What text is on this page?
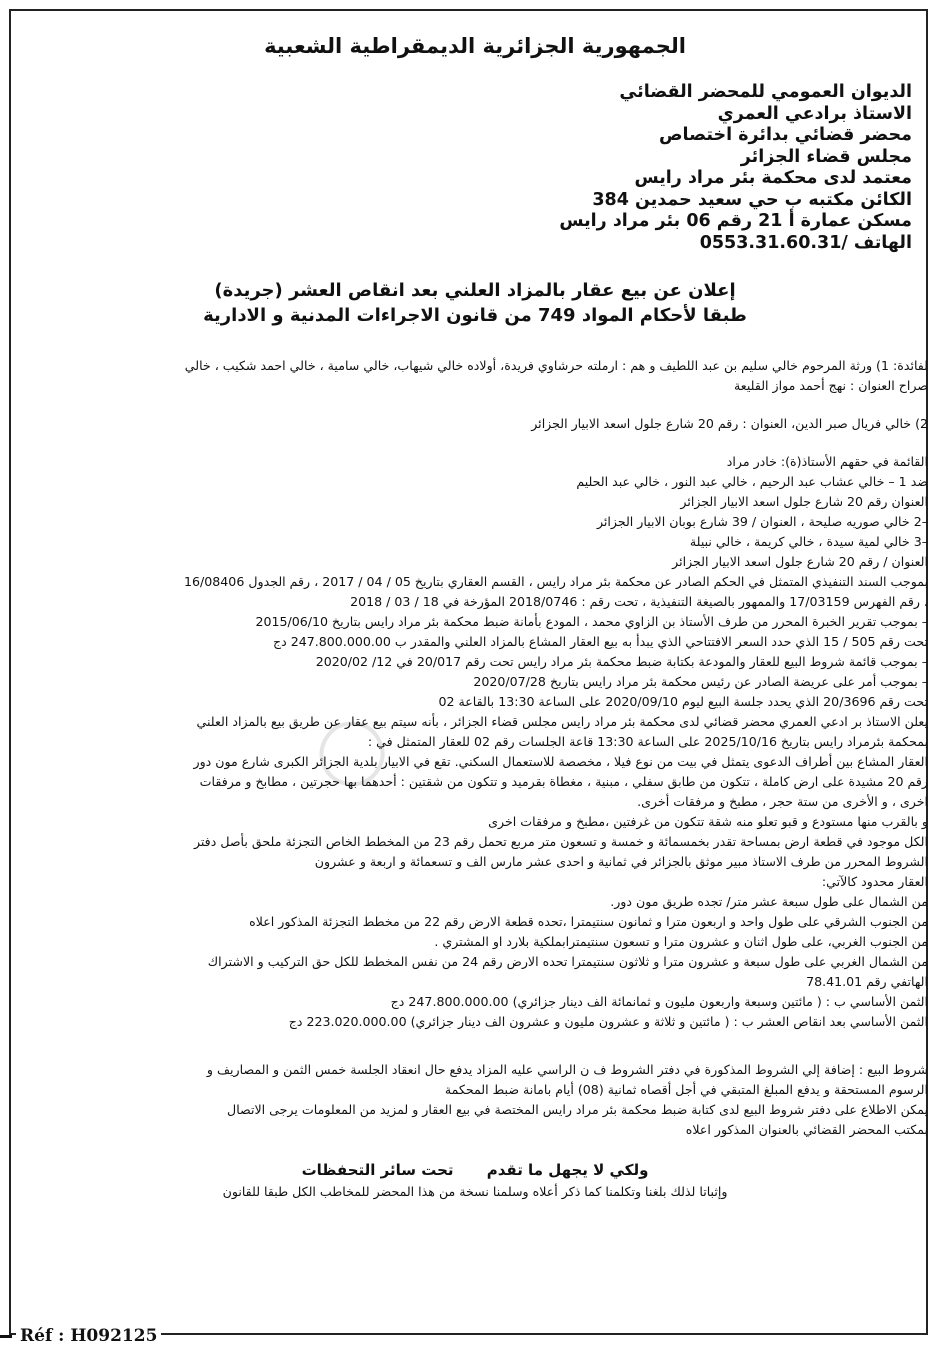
◯
الجمهورية الجزائرية الديمقراطية الشعبية
الديوان العمومي للمحضر القضائي
الاستاذ برادعي العمري
محضر قضائي بدائرة اختصاص
مجلس قضاء الجزائر
معتمد لدى محكمة بئر مراد رايس
الكائن مكتبه ب حي سعيد حمدين 384
مسكن عمارة أ 21 رقم 06 بئر مراد رايس
الهاتف /0553.31.60.31
إعلان عن بيع عقار بالمزاد العلني بعد انقاص العشر (جريدة)
طبقا لأحكام المواد 749 من قانون الاجراءات المدنية و الادارية
لفائدة: 1) ورثة المرحوم خالي سليم بن عبد اللطيف و هم : ارملته حرشاوي فريدة، أولاده خالي شيهاب، خالي سامية ، خالي احمد شكيب ، خالي
صراح العنوان : نهج أحمد مواز القليعة
2) خالي فريال صبر الدين، العنوان : رقم 20 شارع جلول اسعد الابيار الجزائر
القائمة في حقهم الأستاذ(ة): خادر مراد
ضد 1 – خالي عشاب عبد الرحيم ، خالي عبد النور ، خالي عبد الحليم
العنوان رقم 20 شارع جلول اسعد الابيار الجزائر
–2 خالي صوريه صليحة ، العنوان / 39 شارع بوبان الابيار الجزائر
–3 خالي لمية سيدة ، خالي كريمة ، خالي نبيلة
العنوان / رقم 20 شارع جلول اسعد الابيار الجزائر
بموجب السند التنفيذي المتمثل في الحكم الصادر عن محكمة بئر مراد رايس ، القسم العقاري بتاريخ 05 / 04 / 2017 ، رقم الجدول 16/08406
، رقم الفهرس 17/03159 والممهور بالصيغة التنفيذية ، تحت رقم : 2018/0746 المؤرخة في 18 / 03 / 2018
– بموجب تقرير الخبرة المحرر من طرف الأستاذ بن الزاوي محمد ، المودع بأمانة ضبط محكمة بئر مراد رايس بتاريخ 2015/06/10
تحت رقم 505 / 15 الذي حدد السعر الافتتاحي الذي يبدأ به بيع العقار المشاع بالمزاد العلني والمقدر ب 247.800.000.00 دج
– بموجب قائمة شروط البيع للعقار والمودعة بكتابة ضبط محكمة بئر مراد رايس تحت رقم 20/017 في 12/ 2020/02
– بموجب أمر على عريضة الصادر عن رئيس محكمة بئر مراد رايس بتاريخ 2020/07/28
تحت رقم 20/3696 الذي يحدد جلسة البيع ليوم 2020/09/10 على الساعة 13:30 بالقاعة 02
يعلن الاستاذ بر ادعي العمري محضر قضائي لدى محكمة بئر مراد رايس مجلس قضاء الجزائر ، بأنه سيتم بيع عقار عن طريق بيع بالمزاد العلني
بمحكمة بئرمراد رايس بتاريخ 2025/10/16 على الساعة 13:30 قاعة الجلسات رقم 02 للعقار المتمثل في :
العقار المشاع بين أطراف الدعوى يتمثل في بيت من نوع فيلا ، مخصصة للاستعمال السكني. تقع في الابيار بلدية الجزائر الكبرى شارع مون دور
رقم 20 مشيدة على ارض كاملة ، تتكون من طابق سفلي ، مبنية ، مغطاة بقرميد و تتكون من شقتين : أحدهما بها حجرتين ، مطابخ و مرفقات
اخرى ، و الأخرى من ستة حجر ، مطبخ و مرفقات أخرى.
و بالقرب منها مستودع و قبو تعلو منه شقة تتكون من غرفتين ،مطبخ و مرفقات اخرى
الكل موجود في قطعة ارض بمساحة تقدر بخمسمائة و خمسة و تسعون متر مربع تحمل رقم 23 من المخطط الخاص التجزئة ملحق بأصل دفتر
الشروط المحرر من طرف الاستاذ مبير موثق بالجزائر في ثمانية و احدى عشر مارس الف و تسعمائة و اربعة و عشرون
العقار محدود كالآتي:
من الشمال على طول سبعة عشر متر/ تجده طريق مون دور.
من الجنوب الشرقي على طول واحد و اربعون مترا و ثمانون سنتيمترا ،تحده قطعة الارض رقم 22 من مخطط التجزئة المذكور اعلاه
من الجنوب الغربي، على طول اثنان و عشرون مترا و تسعون سنتيمترابملكية بلارد او المشتري .
من الشمال الغربي على طول سبعة و عشرون مترا و ثلاثون سنتيمترا تحده الارض رقم 24 من نفس المخطط للكل حق التركيب و الاشتراك
الهاتفي رقم 78.41.01
الثمن الأساسي ب : ( مائتين وسبعة واربعون مليون و ثمانمائة الف دينار جزائري) 247.800.000.00 دج
الثمن الأساسي بعد انقاص العشر ب : ( مائتين و ثلاثة و عشرون مليون و عشرون الف دينار جزائري) 223.020.000.00 دج
شروط البيع : إضافة إلي الشروط المذكورة في دفتر الشروط ف ن الراسي عليه المزاد يدفع حال انعقاد الجلسة خمس الثمن و المصاريف و
الرسوم المستحقة و يدفع المبلغ المتبقي في أجل أقصاه ثمانية (08) أيام بامانة ضبط المحكمة
يمكن الاطلاع على دفتر شروط البيع لدى كتابة ضبط محكمة بئر مراد رايس المختصة في بيع العقار و لمزيد من المعلومات يرجى الاتصال
بمكتب المحضر القضائي بالعنوان المذكور اعلاه
ولكي لا يجهل ما تقدم تحت سائر التحفظات
وإثباتا لذلك بلغنا وتكلمنا كما ذكر أعلاه وسلمنا نسخة من هذا المحضر للمخاطب الكل طبقا للقانون
Réf : H092125
